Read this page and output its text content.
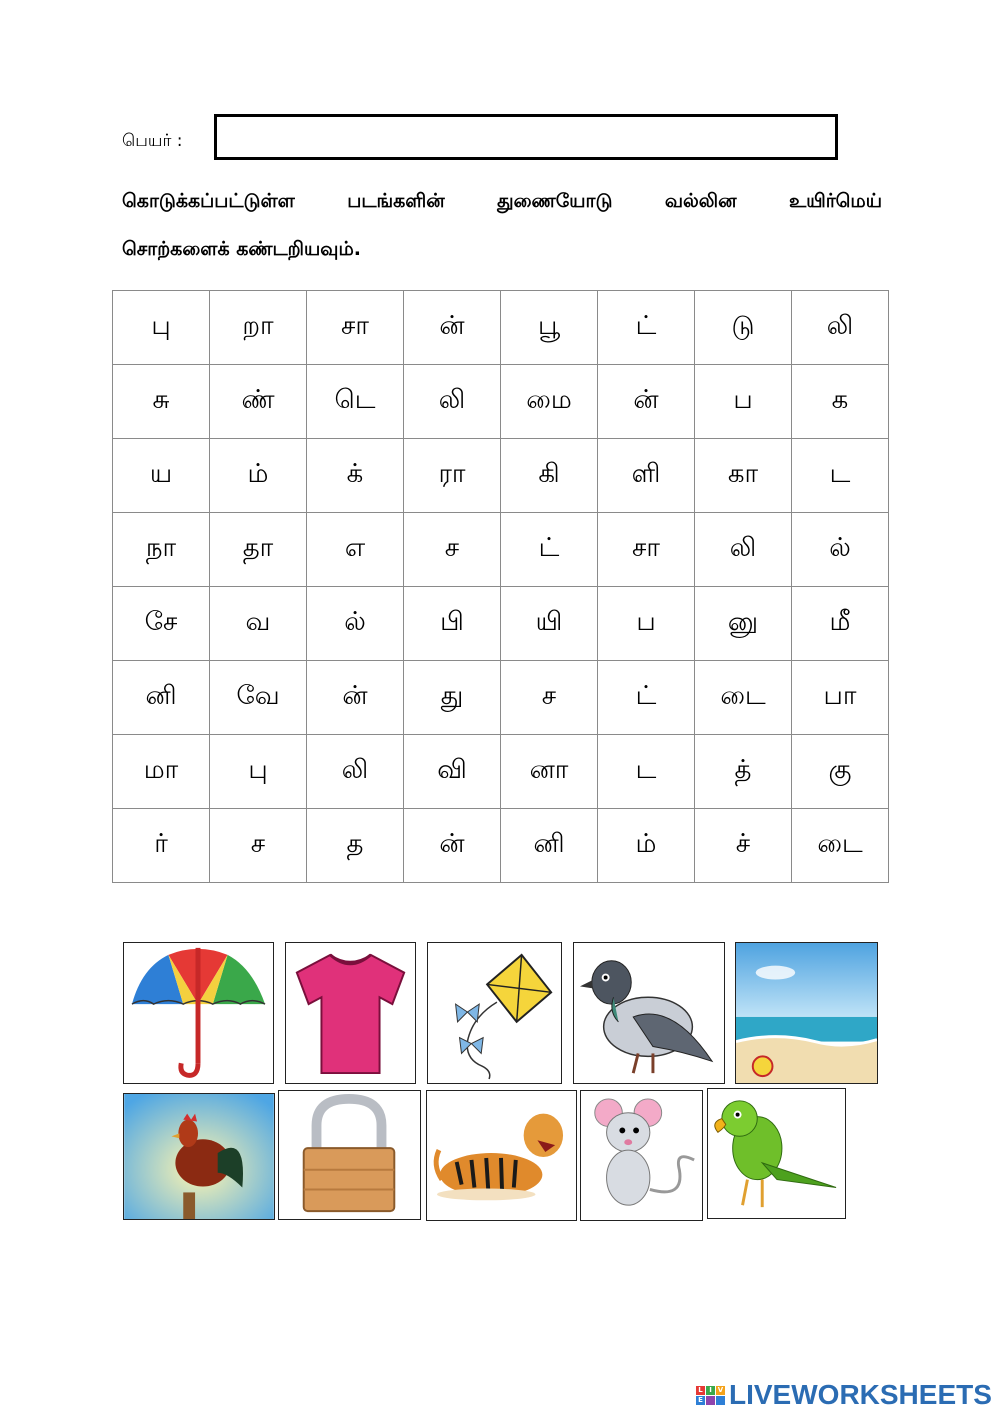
பெயர் :
கொடுக்கப்பட்டுள்ள படங்களின் துணையோடு வல்லின உயிர்மெய்
சொற்களைக் கண்டறியவும்.
பு	றா	சா	ன்	பூ	ட்	டு	லி
சு	ண்	டெ	லி	மை	ன்	ப	க
ய	ம்	க்	ரா	கி	ளி	கா	ட
நா	தா	எ	ச	ட்	சா	லி	ல்
சே	வ	ல்	பி	யி	ப	னு	மீ
னி	வே	ன்	து	ச	ட்	டை	பா
மா	பு	லி	வி	னா	ட	த்	கு
ர்	ச	த	ன்	னி	ம்	ச்	டை
L I V
E LIVEWORKSHEETS
